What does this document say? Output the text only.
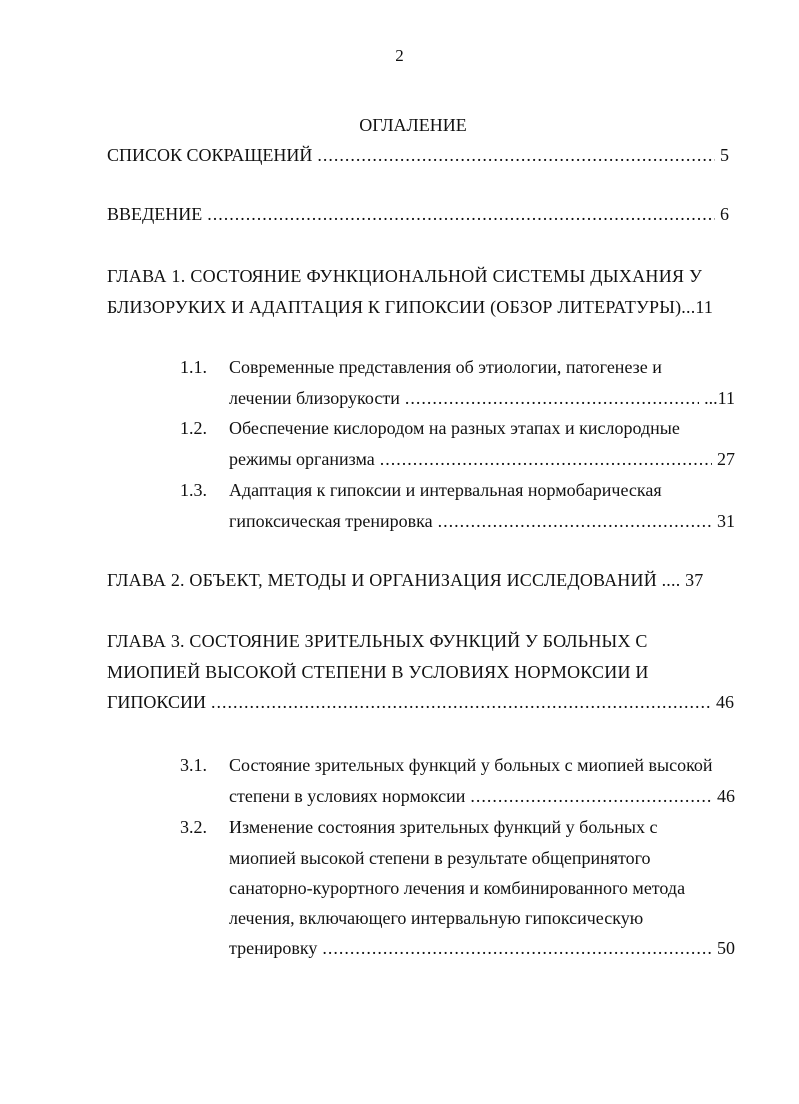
2
ОГЛАЛЕНИЕ
СПИСОК СОКРАЩЕНИЙ .....	5
ВВЕДЕНИЕ .....	6
ГЛАВА 1. СОСТОЯНИЕ ФУНКЦИОНАЛЬНОЙ СИСТЕМЫ ДЫХАНИЯ У
БЛИЗОРУКИХ И АДАПТАЦИЯ К ГИПОКСИИ (ОБЗОР ЛИТЕРАТУРЫ)...11
1.1. Современные представления об этиологии, патогенезе и
лечении близорукости .....	...11
1.2. Обеспечение кислородом на разных этапах и кислородные
режимы организма .....	27
1.3. Адаптация к гипоксии и интервальная нормобарическая
гипоксическая тренировка .....	31
ГЛАВА 2. ОБЪЕКТ, МЕТОДЫ И ОРГАНИЗАЦИЯ ИССЛЕДОВАНИЙ .... 37
ГЛАВА 3. СОСТОЯНИЕ ЗРИТЕЛЬНЫХ ФУНКЦИЙ У БОЛЬНЫХ С
МИОПИЕЙ ВЫСОКОЙ СТЕПЕНИ В УСЛОВИЯХ НОРМОКСИИ И
ГИПОКСИИ .....	46
3.1. Состояние зрительных функций у больных с миопией высокой
степени в условиях нормоксии .....	46
3.2. Изменение состояния зрительных функций у больных с
миопией высокой степени в результате общепринятого
санаторно-курортного лечения и комбинированного метода
лечения, включающего интервальную гипоксическую
тренировку .....	50
